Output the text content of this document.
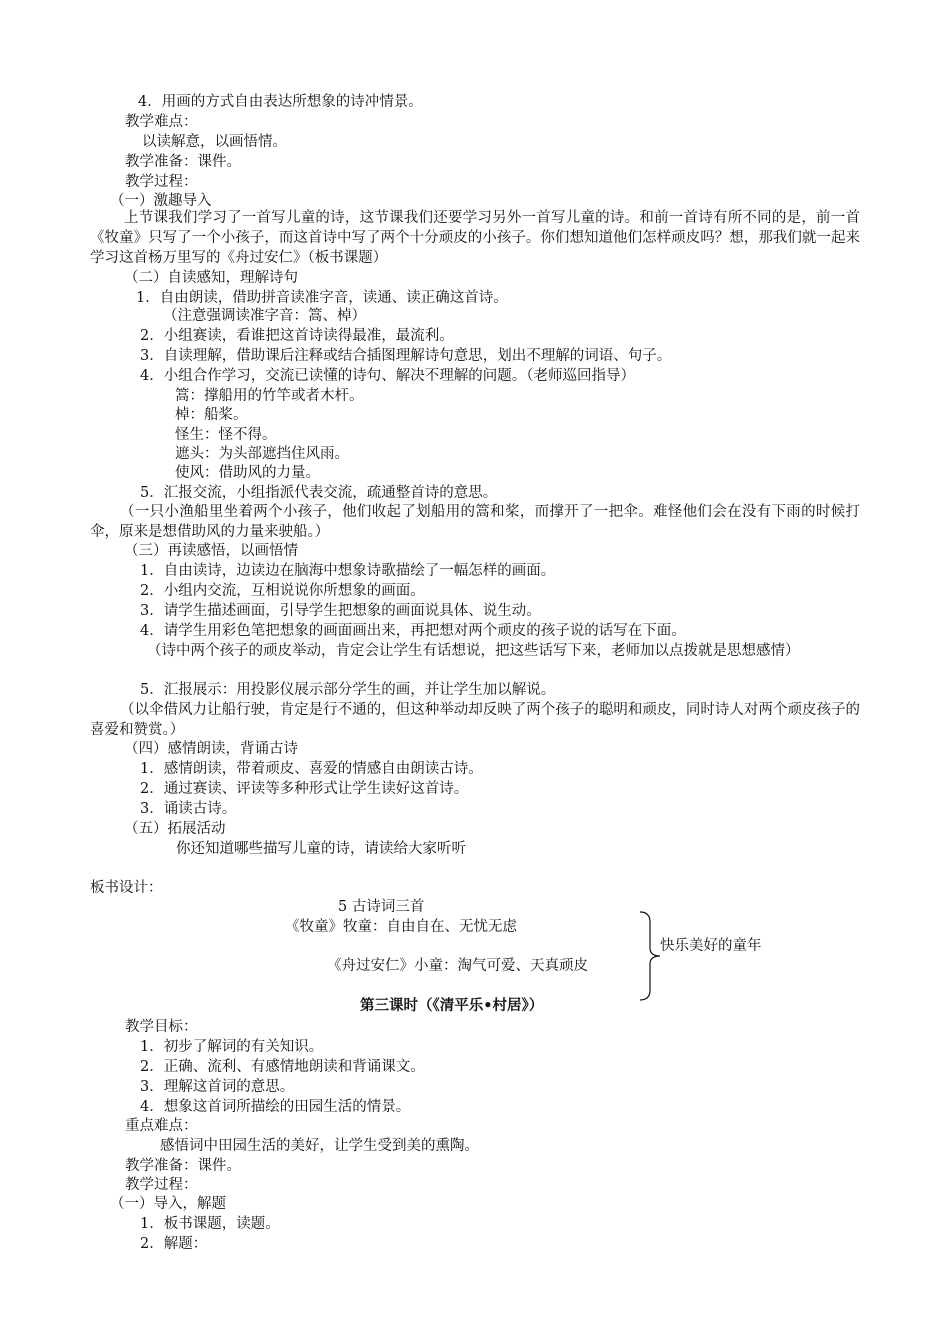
4．用画的方式自由表达所想象的诗冲情景。
教学难点：
以读解意，以画悟情。
教学准备：课件。
教学过程：
（一）激趣导入
上节课我们学习了一首写儿童的诗，这节课我们还要学习另外一首写儿童的诗。和前一首诗有所不同的是，前一首《牧童》只写了一个小孩子，而这首诗中写了两个十分顽皮的小孩子。你们想知道他们怎样顽皮吗？想，那我们就一起来学习这首杨万里写的《舟过安仁》（板书课题）
（二）自读感知，理解诗句
1．自由朗读，借助拼音读准字音，读通、读正确这首诗。
（注意强调读准字音：篙、棹）
2．小组赛读，看谁把这首诗读得最准，最流利。
3．自读理解，借助课后注释或结合插图理解诗句意思，划出不理解的词语、句子。
4．小组合作学习，交流已读懂的诗句、解决不理解的问题。（老师巡回指导）
篙：撑船用的竹竿或者木杆。
棹：船桨。
怪生：怪不得。
遮头：为头部遮挡住风雨。
使风：借助风的力量。
5．汇报交流，小组指派代表交流，疏通整首诗的意思。
（一只小渔船里坐着两个小孩子，他们收起了划船用的篙和桨，而撑开了一把伞。难怪他们会在没有下雨的时候打伞，原来是想借助风的力量来驶船。）
（三）再读感悟，以画悟情
1．自由读诗，边读边在脑海中想象诗歌描绘了一幅怎样的画面。
2．小组内交流，互相说说你所想象的画面。
3．请学生描述画面，引导学生把想象的画面说具体、说生动。
4．请学生用彩色笔把想象的画面画出来，再把想对两个顽皮的孩子说的话写在下面。
（诗中两个孩子的顽皮举动，肯定会让学生有话想说，把这些话写下来，老师加以点拨就是思想感情）
5．汇报展示：用投影仪展示部分学生的画，并让学生加以解说。
（以伞借风力让船行驶，肯定是行不通的，但这种举动却反映了两个孩子的聪明和顽皮，同时诗人对两个顽皮孩子的喜爱和赞赏。）
（四）感情朗读，背诵古诗
1．感情朗读，带着顽皮、喜爱的情感自由朗读古诗。
2．通过赛读、评读等多种形式让学生读好这首诗。
3．诵读古诗。
（五）拓展活动
你还知道哪些描写儿童的诗，请读给大家听听
板书设计：
5 古诗词三首
《牧童》牧童：自由自在、无忧无虑
《舟过安仁》小童：淘气可爱、天真顽皮
快乐美好的童年
第三课时（《清平乐•村居》）
教学目标：
1．初步了解词的有关知识。
2．正确、流利、有感情地朗读和背诵课文。
3．理解这首词的意思。
4．想象这首词所描绘的田园生活的情景。
重点难点：
感悟词中田园生活的美好，让学生受到美的熏陶。
教学准备：课件。
教学过程：
（一）导入，解题
1．板书课题，读题。
2．解题：
